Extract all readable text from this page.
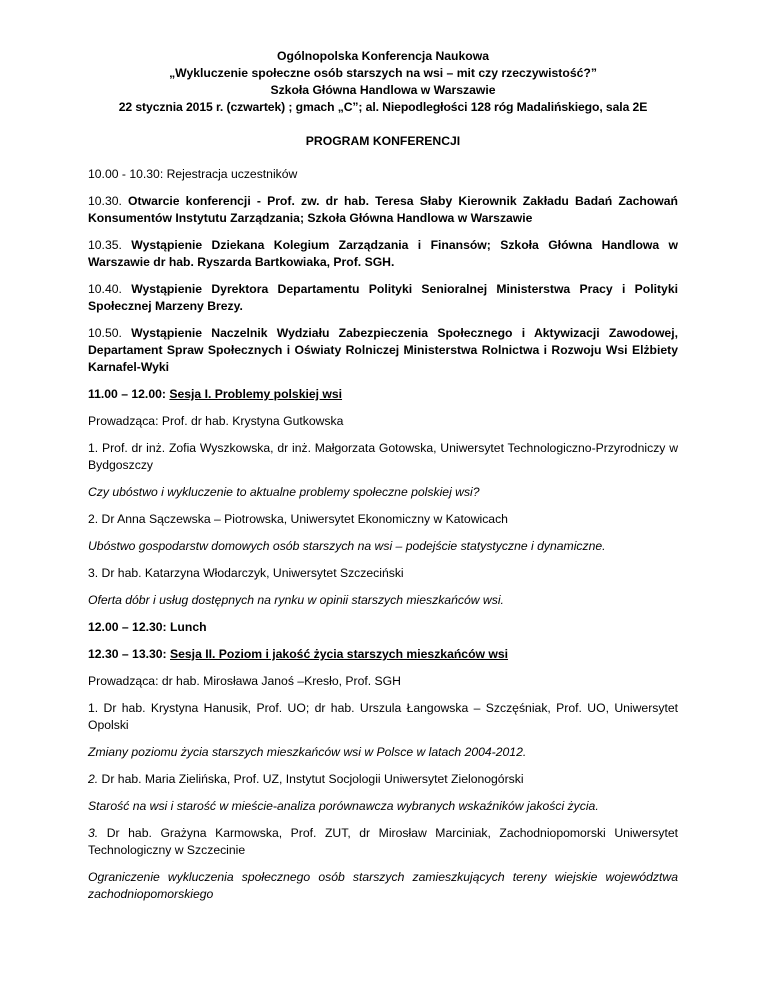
Ogólnopolska Konferencja Naukowa
„Wykluczenie społeczne osób starszych na wsi – mit czy rzeczywistość?”
Szkoła Główna Handlowa w Warszawie
22 stycznia 2015 r. (czwartek) ; gmach „C”; al. Niepodległości 128 róg Madalińskiego, sala 2E
PROGRAM KONFERENCJI

10.00 - 10.30: Rejestracja uczestników

10.30. Otwarcie konferencji - Prof. zw. dr hab. Teresa Słaby Kierownik Zakładu Badań Zachowań Konsumentów Instytutu Zarządzania; Szkoła Główna Handlowa w Warszawie

10.35. Wystąpienie Dziekana Kolegium Zarządzania i Finansów; Szkoła Główna Handlowa w Warszawie dr hab. Ryszarda Bartkowiaka, Prof. SGH.

10.40. Wystąpienie Dyrektora Departamentu Polityki Senioralnej Ministerstwa Pracy i Polityki Społecznej Marzeny Brezy.

10.50. Wystąpienie Naczelnik Wydziału Zabezpieczenia Społecznego i Aktywizacji Zawodowej, Departament Spraw Społecznych i Oświaty Rolniczej Ministerstwa Rolnictwa i Rozwoju Wsi Elżbiety Karnafel-Wyki

11.00 – 12.00: Sesja I. Problemy polskiej wsi

Prowadząca: Prof. dr hab. Krystyna Gutkowska

1. Prof. dr inż. Zofia Wyszkowska, dr inż. Małgorzata Gotowska, Uniwersytet Technologiczno-Przyrodniczy w Bydgoszczy

Czy ubóstwo i wykluczenie to aktualne problemy społeczne polskiej wsi?

2. Dr Anna Sączewska – Piotrowska, Uniwersytet Ekonomiczny w Katowicach

Ubóstwo gospodarstw domowych osób starszych na wsi – podejście statystyczne i dynamiczne.

3. Dr hab. Katarzyna Włodarczyk, Uniwersytet Szczeciński

Oferta dóbr i usług dostępnych na rynku w opinii starszych mieszkańców wsi.

12.00 – 12.30: Lunch

12.30 – 13.30: Sesja II. Poziom i jakość życia starszych mieszkańców wsi

Prowadząca: dr hab. Mirosława Janoś –Kresło, Prof. SGH

1. Dr hab. Krystyna Hanusik, Prof. UO; dr hab. Urszula Łangowska – Szczęśniak, Prof. UO, Uniwersytet Opolski

Zmiany poziomu życia starszych mieszkańców wsi w Polsce w latach 2004-2012.

2. Dr hab. Maria Zielińska, Prof. UZ, Instytut Socjologii Uniwersytet Zielonogórski

Starość na wsi i starość w mieście-analiza porównawcza wybranych wskaźników jakości życia.

3. Dr hab. Grażyna Karmowska, Prof. ZUT, dr Mirosław Marciniak, Zachodniopomorski Uniwersytet Technologiczny w Szczecinie

Ograniczenie wykluczenia społecznego osób starszych zamieszkujących tereny wiejskie województwa zachodniopomorskiego
